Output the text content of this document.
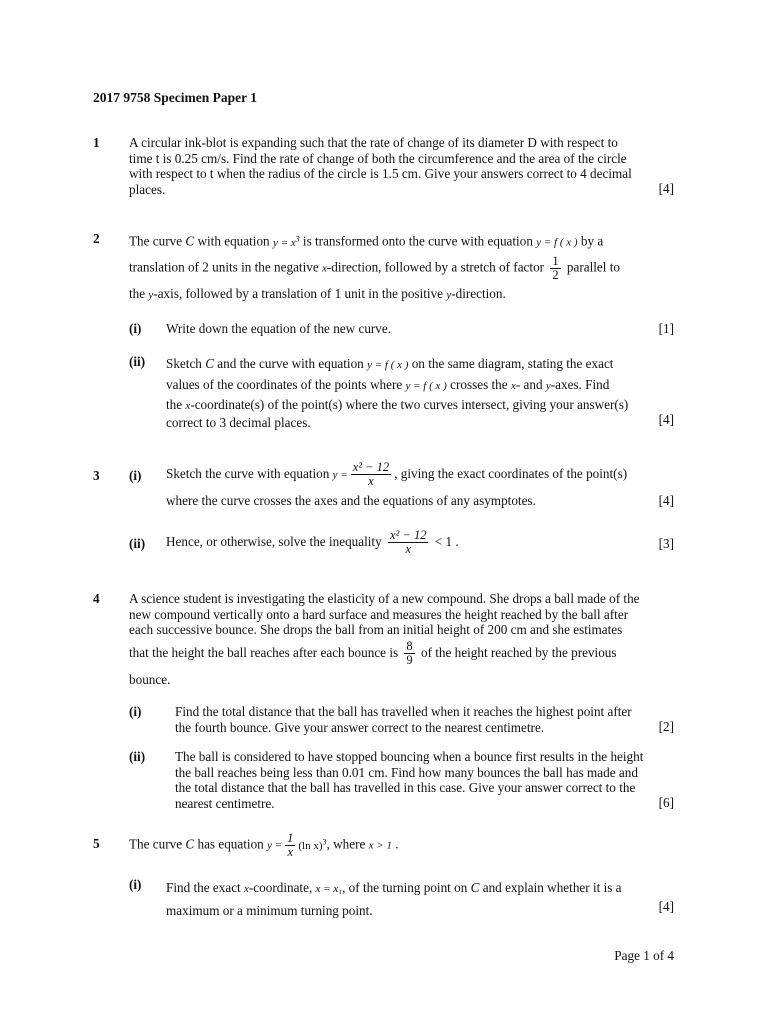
2017 9758 Specimen Paper 1
1 A circular ink-blot is expanding such that the rate of change of its diameter D with respect to
time t is 0.25 cm/s. Find the rate of change of both the circumference and the area of the circle
with respect to t when the radius of the circle is 1.5 cm. Give your answers correct to 4 decimal
places.	[4]
2 The curve C with equation $y = x^3$ is transformed onto the curve with equation y = f ( x ) by a
translation of 2 units in the negative x-direction, followed by a stretch of factor $\frac{1}{2}$ parallel to
the y-axis, followed by a translation of 1 unit in the positive y-direction.
(i) Write down the equation of the new curve.	[1]
(ii) Sketch C and the curve with equation y = f ( x ) on the same diagram, stating the exact
values of the coordinates of the points where y = f ( x ) crosses the x- and y-axes. Find
the x-coordinate(s) of the point(s) where the two curves intersect, giving your answer(s)
correct to 3 decimal places.	[4]
3 (i) Sketch the curve with equation $y = \frac{\text{x² − 12}}{x}$ , giving the exact coordinates of the point(s)
where the curve crosses the axes and the equations of any asymptotes.	[4]
(ii) Hence, or otherwise, solve the inequality $\frac{\text{x² − 12}}{x} < 1$ .	[3]
4 A science student is investigating the elasticity of a new compound. She drops a ball made of the
new compound vertically onto a hard surface and measures the height reached by the ball after
each successive bounce. She drops the ball from an initial height of 200 cm and she estimates
that the height the ball reaches after each bounce is $\frac{8}{9}$ of the height reached by the previous
bounce.
(i)	Find the total distance that the ball has travelled when it reaches the highest point after
the fourth bounce. Give your answer correct to the nearest centimetre.	[2]
(ii) The ball is considered to have stopped bouncing when a bounce first results in the height
the ball reaches being less than 0.01 cm. Find how many bounces the ball has made and
the total distance that the ball has travelled in this case. Give your answer correct to the
nearest centimetre.	[6]
5 The curve C has equation $y = \frac{1}{x} (\ln$ x)$^3$, where x > 1 .
(i) Find the exact x-coordinate, x = x₁, of the turning point on C and explain whether it is a
maximum or a minimum turning point.	[4]
Page 1 of 4
